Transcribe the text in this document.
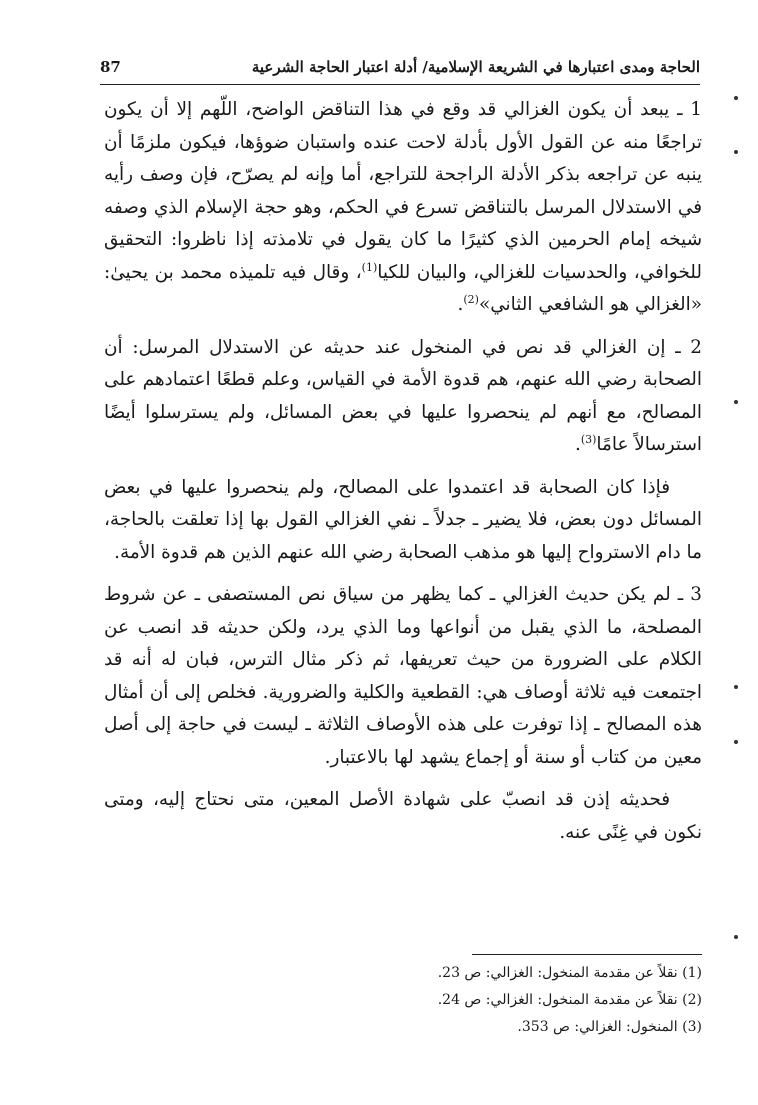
الحاجة ومدى اعتبارها في الشريعة الإسلامية/ أدلة اعتبار الحاجة الشرعية
87

1 ـ يبعد أن يكون الغزالي قد وقع في هذا التناقض الواضح، اللّهم إلا أن يكون تراجعًا منه عن القول الأول بأدلة لاحت عنده واستبان ضوؤها، فيكون ملزمًا أن ينبه عن تراجعه بذكر الأدلة الراجحة للتراجع، أما وإنه لم يصرّح، فإن وصف رأيه في الاستدلال المرسل بالتناقض تسرع في الحكم، وهو حجة الإسلام الذي وصفه شيخه إمام الحرمين الذي كثيرًا ما كان يقول في تلامذته إذا ناظروا: التحقيق للخوافي، والحدسيات للغزالي، والبيان للكيا$^{(1)}$، وقال فيه تلميذه محمد بن يحيىٰ: «الغزالي هو الشافعي الثاني»$^{(2)}$.

2 ـ إن الغزالي قد نص في المنخول عند حديثه عن الاستدلال المرسل: أن الصحابة رضي الله عنهم، هم قدوة الأمة في القياس، وعلم قطعًا اعتمادهم على المصالح، مع أنهم لم ينحصروا عليها في بعض المسائل، ولم يسترسلوا أيضًا استرسالاً عامًا$^{(3)}$.

فإذا كان الصحابة قد اعتمدوا على المصالح، ولم ينحصروا عليها في بعض المسائل دون بعض، فلا يضير ـ جدلاً ـ نفي الغزالي القول بها إذا تعلقت بالحاجة، ما دام الاسترواح إليها هو مذهب الصحابة رضي الله عنهم الذين هم قدوة الأمة.

3 ـ لم يكن حديث الغزالي ـ كما يظهر من سياق نص المستصفى ـ عن شروط المصلحة، ما الذي يقبل من أنواعها وما الذي يرد، ولكن حديثه قد انصب عن الكلام على الضرورة من حيث تعريفها، ثم ذكر مثال الترس، فبان له أنه قد اجتمعت فيه ثلاثة أوصاف هي: القطعية والكلية والضرورية. فخلص إلى أن أمثال هذه المصالح ـ إذا توفرت على هذه الأوصاف الثلاثة ـ ليست في حاجة إلى أصل معين من كتاب أو سنة أو إجماع يشهد لها بالاعتبار.

فحديثه إذن قد انصبّ على شهادة الأصل المعين، متى نحتاج إليه، ومتى نكون في غِنًى عنه.

(1) نقلاً عن مقدمة المنخول: الغزالي: ص 23.

(2) نقلاً عن مقدمة المنخول: الغزالي: ص 24.

(3) المنخول: الغزالي: ص 353.
